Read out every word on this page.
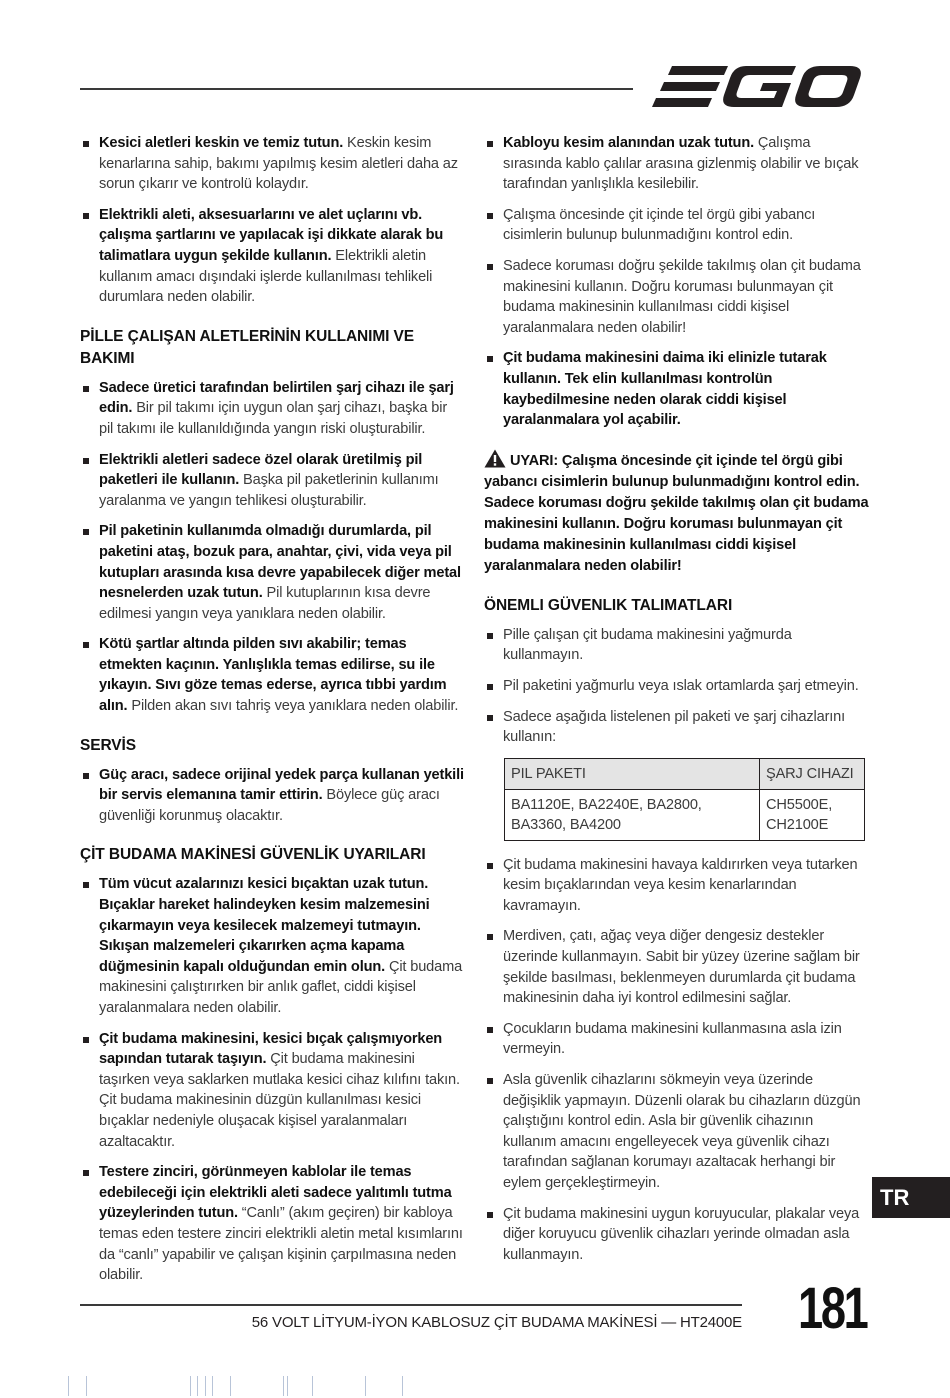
Kesici aletleri keskin ve temiz tutun. Keskin kesim kenarlarına sahip, bakımı yapılmış kesim aletleri daha az sorun çıkarır ve kontrolü kolaydır.
Elektrikli aleti, aksesuarlarını ve alet uçlarını vb. çalışma şartlarını ve yapılacak işi dikkate alarak bu talimatlara uygun şekilde kullanın. Elektrikli aletin kullanım amacı dışındaki işlerde kullanılması tehlikeli durumlara neden olabilir.
PİLLE ÇALIŞAN ALETLERİNİN KULLANIMI VE BAKIMI
Sadece üretici tarafından belirtilen şarj cihazı ile şarj edin. Bir pil takımı için uygun olan şarj cihazı, başka bir pil takımı ile kullanıldığında yangın riski oluşturabilir.
Elektrikli aletleri sadece özel olarak üretilmiş pil paketleri ile kullanın. Başka pil paketlerinin kullanımı yaralanma ve yangın tehlikesi oluşturabilir.
Pil paketinin kullanımda olmadığı durumlarda, pil paketini ataş, bozuk para, anahtar, çivi, vida veya pil kutupları arasında kısa devre yapabilecek diğer metal nesnelerden uzak tutun. Pil kutuplarının kısa devre edilmesi yangın veya yanıklara neden olabilir.
Kötü şartlar altında pilden sıvı akabilir; temas etmekten kaçının. Yanlışlıkla temas edilirse, su ile yıkayın. Sıvı göze temas ederse, ayrıca tıbbi yardım alın. Pilden akan sıvı tahriş veya yanıklara neden olabilir.
SERVİS
Güç aracı, sadece orijinal yedek parça kullanan yetkili bir servis elemanına tamir ettirin. Böylece güç aracı güvenliği korunmuş olacaktır.
ÇİT BUDAMA MAKİNESİ GÜVENLİK UYARILARI
Tüm vücut azalarınızı kesici bıçaktan uzak tutun. Bıçaklar hareket halindeyken kesim malzemesini çıkarmayın veya kesilecek malzemeyi tutmayın. Sıkışan malzemeleri çıkarırken açma kapama düğmesinin kapalı olduğundan emin olun. Çit budama makinesini çalıştırırken bir anlık gaflet, ciddi kişisel yaralanmalara neden olabilir.
Çit budama makinesini, kesici bıçak çalışmıyorken sapından tutarak taşıyın. Çit budama makinesini taşırken veya saklarken mutlaka kesici cihaz kılıfını takın. Çit budama makinesinin düzgün kullanılması kesici bıçaklar nedeniyle oluşacak kişisel yaralanmaları azaltacaktır.
Testere zinciri, görünmeyen kablolar ile temas edebileceği için elektrikli aleti sadece yalıtımlı tutma yüzeylerinden tutun. “Canlı” (akım geçiren) bir kabloya temas eden testere zinciri elektrikli aletin metal kısımlarını da “canlı” yapabilir ve çalışan kişinin çarpılmasına neden olabilir.
Kabloyu kesim alanından uzak tutun. Çalışma sırasında kablo çalılar arasına gizlenmiş olabilir ve bıçak tarafından yanlışlıkla kesilebilir.
Çalışma öncesinde çit içinde tel örgü gibi yabancı cisimlerin bulunup bulunmadığını kontrol edin.
Sadece koruması doğru şekilde takılmış olan çit budama makinesini kullanın. Doğru koruması bulunmayan çit budama makinesinin kullanılması ciddi kişisel yaralanmalara neden olabilir!
Çit budama makinesini daima iki elinizle tutarak kullanın. Tek elin kullanılması kontrolün kaybedilmesine neden olarak ciddi kişisel yaralanmalara yol açabilir.
UYARI: Çalışma öncesinde çit içinde tel örgü gibi yabancı cisimlerin bulunup bulunmadığını kontrol edin. Sadece koruması doğru şekilde takılmış olan çit budama makinesini kullanın. Doğru koruması bulunmayan çit budama makinesinin kullanılması ciddi kişisel yaralanmalara neden olabilir!
ÖNEMLI GÜVENLIK TALIMATLARI
Pille çalışan çit budama makinesini yağmurda kullanmayın.
Pil paketini yağmurlu veya ıslak ortamlarda şarj etmeyin.
Sadece aşağıda listelenen pil paketi ve şarj cihazlarını kullanın:
PIL PAKETI	ŞARJ CIHAZI
BA1120E, BA2240E, BA2800, BA3360, BA4200	CH5500E, CH2100E
Çit budama makinesini havaya kaldırırken veya tutarken kesim bıçaklarından veya kesim kenarlarından kavramayın.
Merdiven, çatı, ağaç veya diğer dengesiz destekler üzerinde kullanmayın. Sabit bir yüzey üzerine sağlam bir şekilde basılması, beklenmeyen durumlarda çit budama makinesinin daha iyi kontrol edilmesini sağlar.
Çocukların budama makinesini kullanmasına asla izin vermeyin.
Asla güvenlik cihazlarını sökmeyin veya üzerinde değişiklik yapmayın. Düzenli olarak bu cihazların düzgün çalıştığını kontrol edin. Asla bir güvenlik cihazının kullanım amacını engelleyecek veya güvenlik cihazı tarafından sağlanan korumayı azaltacak herhangi bir eylem gerçekleştirmeyin.
Çit budama makinesini uygun koruyucular, plakalar veya diğer koruyucu güvenlik cihazları yerinde olmadan asla kullanmayın.
TR
56 VOLT LİTYUM-İYON KABLOSUZ ÇİT BUDAMA MAKİNESİ — HT2400E 181
